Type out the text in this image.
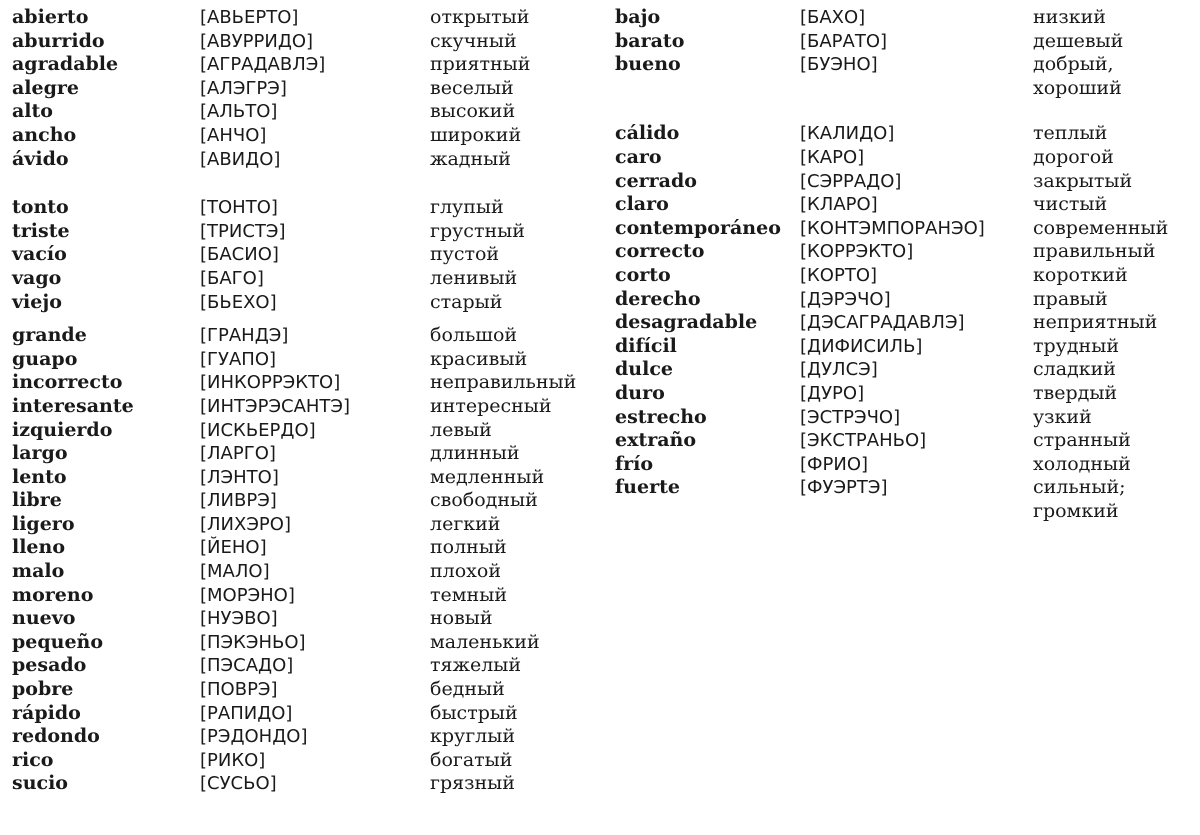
abierto
aburrido
agradable
alegre
alto
ancho
ávido
tonto
triste
vacío
vago
viejo
grande
guapo
incorrecto
interesante
izquierdo
largo
lento
libre
ligero
lleno
malo
moreno
nuevo
pequeño
pesado
pobre
rápido
redondo
rico
sucio
[АВЬЕРТО]
[АВУРРИДО]
[АГРАДАВЛЭ]
[АЛЭГРЭ]
[АЛЬТО]
[АНЧО]
[АВИДО]
[ТОНТО]
[ТРИСТЭ]
[БАСИО]
[БАГО]
[БЬЕХО]
[ГРАНДЭ]
[ГУАПО]
[ИНКОРРЭКТО]
[ИНТЭРЭСАНТЭ]
[ИСКЬЕРДО]
[ЛАРГО]
[ЛЭНТО]
[ЛИВРЭ]
[ЛИХЭРО]
[ЙЕНО]
[МАЛО]
[МОРЭНО]
[НУЭВО]
[ПЭКЭНЬО]
[ПЭСАДО]
[ПОВРЭ]
[РАПИДО]
[РЭДОНДО]
[РИКО]
[СУСЬО]
открытый
скучный
приятный
веселый
высокий
широкий
жадный
глупый
грустный
пустой
ленивый
старый
большой
красивый
неправильный
интересный
левый
длинный
медленный
свободный
легкий
полный
плохой
темный
новый
маленький
тяжелый
бедный
быстрый
круглый
богатый
грязный
bajo
barato
bueno
cálido
caro
cerrado
claro
contemporáneo
correcto
corto
derecho
desagradable
difícil
dulce
duro
estrecho
extraño
frío
fuerte
[БАХО]
[БАРАТО]
[БУЭНО]
[КАЛИДО]
[КАРО]
[СЭРРАДО]
[КЛАРО]
[КОНТЭМПОРАНЭО]
[КОРРЭКТО]
[КОРТО]
[ДЭРЭЧО]
[ДЭСАГРАДАВЛЭ]
[ДИФИСИЛЬ]
[ДУЛСЭ]
[ДУРО]
[ЭСТРЭЧО]
[ЭКСТРАНЬО]
[ФРИО]
[ФУЭРТЭ]
низкий
дешевый
добрый,
хороший
теплый
дорогой
закрытый
чистый
современный
правильный
короткий
правый
неприятный
трудный
сладкий
твердый
узкий
странный
холодный
сильный;
громкий
